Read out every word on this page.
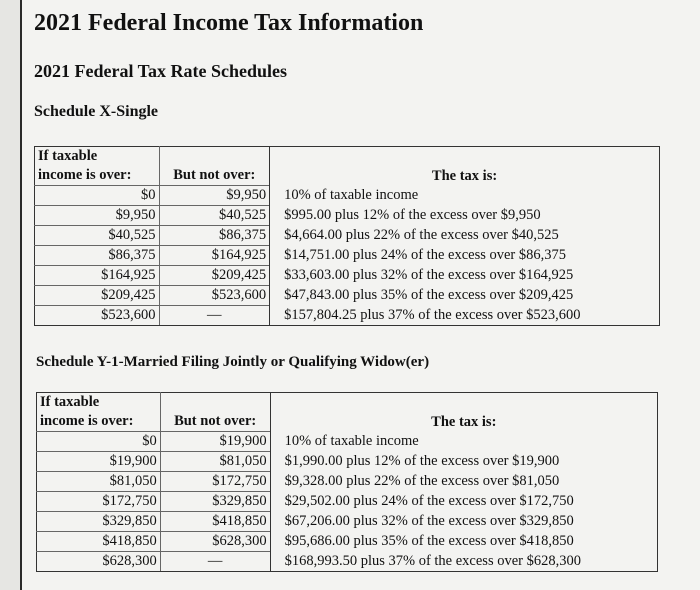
2021 Federal Income Tax Information
2021 Federal Tax Rate Schedules
Schedule X-Single
If taxable
income is over:	But not over:	The tax is:
$0	$9,950	10% of taxable income
$9,950	$40,525	$995.00 plus 12% of the excess over $9,950
$40,525	$86,375	$4,664.00 plus 22% of the excess over $40,525
$86,375	$164,925	$14,751.00 plus 24% of the excess over $86,375
$164,925	$209,425	$33,603.00 plus 32% of the excess over $164,925
$209,425	$523,600	$47,843.00 plus 35% of the excess over $209,425
$523,600	—	$157,804.25 plus 37% of the excess over $523,600
Schedule Y-1-Married Filing Jointly or Qualifying Widow(er)
If taxable
income is over:	But not over:	The tax is:
$0	$19,900	10% of taxable income
$19,900	$81,050	$1,990.00 plus 12% of the excess over $19,900
$81,050	$172,750	$9,328.00 plus 22% of the excess over $81,050
$172,750	$329,850	$29,502.00 plus 24% of the excess over $172,750
$329,850	$418,850	$67,206.00 plus 32% of the excess over $329,850
$418,850	$628,300	$95,686.00 plus 35% of the excess over $418,850
$628,300	—	$168,993.50 plus 37% of the excess over $628,300
